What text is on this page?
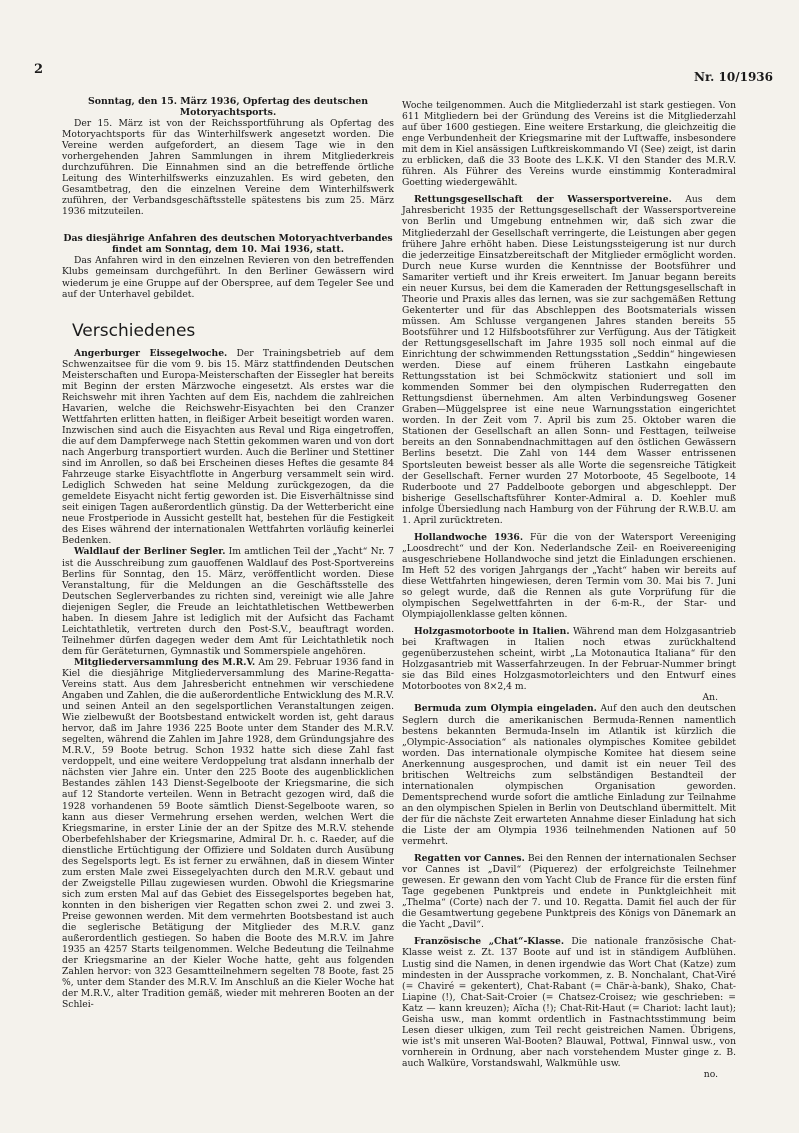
2	Nr. 10/1936

Sonntag, den 15. März 1936, Opfertag des deutschen Motoryachtsports.

Der 15. März ist von der Reichssportführung als Opfertag des Motoryachtsports für das Winterhilfswerk angesetzt worden. Die Vereine werden aufgefordert, an diesem Tage wie in den vorhergehenden Jahren Sammlungen in ihrem Mitgliederkreis durchzuführen. Die Einnahmen sind an die betreffende örtliche Leitung des Winterhilfswerks einzuzahlen. Es wird gebeten, den Gesamtbetrag, den die einzelnen Vereine dem Winterhilfswerk zuführen, der Verbandsgeschäftsstelle spätestens bis zum 25. März 1936 mitzuteilen.

Das diesjährige Anfahren des deutschen Motoryachtverbandes findet am Sonntag, dem 10. Mai 1936, statt.

Das Anfahren wird in den einzelnen Revieren von den betreffenden Klubs gemeinsam durchgeführt. In den Berliner Gewässern wird wiederum je eine Gruppe auf der Oberspree, auf dem Tegeler See und auf der Unterhavel gebildet.

Verschiedenes

Angerburger Eissegelwoche. Der Trainingsbetrieb auf dem Schwenzaitsee für die vom 9. bis 15. März stattfindenden Deutschen Meisterschaften und Europa-Meisterschaften der Eissegler hat bereits mit Beginn der ersten Märzwoche eingesetzt. Als erstes war die Reichswehr mit ihren Yachten auf dem Eis, nachdem die zahlreichen Havarien, welche die Reichswehr-Eisyachten bei den Cranzer Wettfahrten erlitten hatten, in fleißiger Arbeit beseitigt worden waren. Inzwischen sind auch die Eisyachten aus Reval und Riga eingetroffen, die auf dem Dampferwege nach Stettin gekommen waren und von dort nach Angerburg transportiert wurden. Auch die Berliner und Stettiner sind im Anrollen, so daß bei Erscheinen dieses Heftes die gesamte 84 Fahrzeuge starke Eisyachtflotte in Angerburg versammelt sein wird. Lediglich Schweden hat seine Meldung zurückgezogen, da die gemeldete Eisyacht nicht fertig geworden ist. Die Eisverhältnisse sind seit einigen Tagen außerordentlich günstig. Da der Wetterbericht eine neue Frostperiode in Aussicht gestellt hat, bestehen für die Festigkeit des Eises während der internationalen Wettfahrten vorläufig keinerlei Bedenken.

Waldlauf der Berliner Segler. Im amtlichen Teil der „Yacht“ Nr. 7 ist die Ausschreibung zum gauoffenen Waldlauf des Post-Sportvereins Berlins für Sonntag, den 15. März, veröffentlicht worden. Diese Veranstaltung, für die Meldungen an die Geschäftsstelle des Deutschen Seglerverbandes zu richten sind, vereinigt wie alle Jahre diejenigen Segler, die Freude an leichtathletischen Wettbewerben haben. In diesem Jahre ist lediglich mit der Aufsicht das Fachamt Leichtathletik, vertreten durch den Post-S.V., beauftragt worden. Teilnehmer dürfen dagegen weder dem Amt für Leichtathletik noch dem für Geräteturnen, Gymnastik und Sommerspiele angehören.

Mitgliederversammlung des M.R.V. Am 29. Februar 1936 fand in Kiel die diesjährige Mitgliederversammlung des Marine-Regatta-Vereins statt. Aus dem Jahresbericht entnehmen wir verschiedene Angaben und Zahlen, die die außerordentliche Entwicklung des M.R.V. und seinen Anteil an den segelsportlichen Veranstaltungen zeigen. Wie zielbewußt der Bootsbestand entwickelt worden ist, geht daraus hervor, daß im Jahre 1936 225 Boote unter dem Stander des M.R.V. segelten, während die Zahlen im Jahre 1928, dem Gründungsjahre des M.R.V., 59 Boote betrug. Schon 1932 hatte sich diese Zahl fast verdoppelt, und eine weitere Verdoppelung trat alsdann innerhalb der nächsten vier Jahre ein. Unter den 225 Boote des augenblicklichen Bestandes zählen 143 Dienst-Segelboote der Kriegsmarine, die sich auf 12 Standorte verteilen. Wenn in Betracht gezogen wird, daß die 1928 vorhandenen 59 Boote sämtlich Dienst-Segelboote waren, so kann aus dieser Vermehrung ersehen werden, welchen Wert die Kriegsmarine, in erster Linie der an der Spitze des M.R.V. stehende Oberbefehlshaber der Kriegsmarine, Admiral Dr. h. c. Raeder, auf die dienstliche Ertüchtigung der Offiziere und Soldaten durch Ausübung des Segelsports legt. Es ist ferner zu erwähnen, daß in diesem Winter zum ersten Male zwei Eissegelyachten durch den M.R.V. gebaut und der Zweigstelle Pillau zugewiesen wurden. Obwohl die Kriegsmarine sich zum ersten Mal auf das Gebiet des Eissegelsportes begeben hat, konnten in den bisherigen vier Regatten schon zwei 2. und zwei 3. Preise gewonnen werden. Mit dem vermehrten Bootsbestand ist auch die seglerische Betätigung der Mitglieder des M.R.V. ganz außerordentlich gestiegen. So haben die Boote des M.R.V. im Jahre 1935 an 4257 Starts teilgenommen. Welche Bedeutung die Teilnahme der Kriegsmarine an der Kieler Woche hatte, geht aus folgenden Zahlen hervor: von 323 Gesamtteilnehmern segelten 78 Boote, fast 25 %, unter dem Stander des M.R.V. Im Anschluß an die Kieler Woche hat der M.R.V., alter Tradition gemäß, wieder mit mehreren Booten an der Schlei-

Woche teilgenommen. Auch die Mitgliederzahl ist stark gestiegen. Von 611 Mitgliedern bei der Gründung des Vereins ist die Mitgliederzahl auf über 1600 gestiegen. Eine weitere Erstarkung, die gleichzeitig die enge Verbundenheit der Kriegsmarine mit der Luftwaffe, insbesondere mit dem in Kiel ansässigen Luftkreiskommando VI (See) zeigt, ist darin zu erblicken, daß die 33 Boote des L.K.K. VI den Stander des M.R.V. führen. Als Führer des Vereins wurde einstimmig Konteradmiral Goetting wiedergewählt.

Rettungsgesellschaft der Wassersportvereine. Aus dem Jahresbericht 1935 der Rettungsgesellschaft der Wassersportvereine von Berlin und Umgebung entnehmen wir, daß sich zwar die Mitgliederzahl der Gesellschaft verringerte, die Leistungen aber gegen frühere Jahre erhöht haben. Diese Leistungssteigerung ist nur durch die jederzeitige Einsatzbereitschaft der Mitglieder ermöglicht worden. Durch neue Kurse wurden die Kenntnisse der Bootsführer und Samariter vertieft und ihr Kreis erweitert. Im Januar begann bereits ein neuer Kursus, bei dem die Kameraden der Rettungsgesellschaft in Theorie und Praxis alles das lernen, was sie zur sachgemäßen Rettung Gekenterter und für das Abschleppen des Bootsmaterials wissen müssen. Am Schlusse vergangenen Jahres standen bereits 55 Bootsführer und 12 Hilfsbootsführer zur Verfügung. Aus der Tätigkeit der Rettungsgesellschaft im Jahre 1935 soll noch einmal auf die Einrichtung der schwimmenden Rettungsstation „Seddin“ hingewiesen werden. Diese auf einem früheren Lastkahn eingebaute Rettungsstation ist bei Schmöckwitz stationiert und soll im kommenden Sommer bei den olympischen Ruderregatten den Rettungsdienst übernehmen. Am alten Verbindungsweg Gosener Graben—Müggelspree ist eine neue Warnungsstation eingerichtet worden. In der Zeit vom 7. April bis zum 25. Oktober waren die Stationen der Gesellschaft an allen Sonn- und Festtagen, teilweise bereits an den Sonnabendnachmittagen auf den östlichen Gewässern Berlins besetzt. Die Zahl von 144 dem Wasser entrissenen Sportsleuten beweist besser als alle Worte die segensreiche Tätigkeit der Gesellschaft. Ferner wurden 27 Motorboote, 45 Segelboote, 14 Ruderboote und 27 Paddelboote geborgen und abgeschleppt. Der bisherige Gesellschaftsführer Konter-Admiral a. D. Koehler muß infolge Übersiedlung nach Hamburg von der Führung der R.W.B.U. am 1. April zurücktreten.

Hollandwoche 1936. Für die von der Watersport Vereeniging „Loosdrecht“ und der Kon. Nederlandsche Zeil- en Roeivereeniging ausgeschriebene Hollandwoche sind jetzt die Einladungen erschienen. Im Heft 52 des vorigen Jahrgangs der „Yacht“ haben wir bereits auf diese Wettfahrten hingewiesen, deren Termin vom 30. Mai bis 7. Juni so gelegt wurde, daß die Rennen als gute Vorprüfung für die olympischen Segelwettfahrten in der 6-m-R., der Star- und Olympiajollenklasse gelten können.

Holzgasmotorboote in Italien. Während man dem Holzgasantrieb bei Kraftwagen in Italien noch etwas zurückhaltend gegenüberzustehen scheint, wirbt „La Motonautica Italiana“ für den Holzgasantrieb mit Wasserfahrzeugen. In der Februar-Nummer bringt sie das Bild eines Holzgasmotorleichters und den Entwurf eines Motorbootes von 8×2,4 m.

An.

Bermuda zum Olympia eingeladen. Auf den auch den deutschen Seglern durch die amerikanischen Bermuda-Rennen namentlich bestens bekannten Bermuda-Inseln im Atlantik ist kürzlich die „Olympic-Association“ als nationales olympisches Komitee gebildet worden. Das internationale olympische Komitee hat diesem seine Anerkennung ausgesprochen, und damit ist ein neuer Teil des britischen Weltreichs zum selbständigen Bestandteil der internationalen olympischen Organisation geworden. Dementsprechend wurde sofort die amtliche Einladung zur Teilnahme an den olympischen Spielen in Berlin von Deutschland übermittelt. Mit der für die nächste Zeit erwarteten Annahme dieser Einladung hat sich die Liste der am Olympia 1936 teilnehmenden Nationen auf 50 vermehrt.

Regatten vor Cannes. Bei den Rennen der internationalen Sechser vor Cannes ist „Davil“ (Piquerez) der erfolgreichste Teilnehmer gewesen. Er gewann den vom Yacht Club de France für die ersten fünf Tage gegebenen Punktpreis und endete in Punktgleichheit mit „Thelma“ (Corte) nach der 7. und 10. Regatta. Damit fiel auch der für die Gesamtwertung gegebene Punktpreis des Königs von Dänemark an die Yacht „Davil“.

Französische „Chat“-Klasse. Die nationale französische Chat-Klasse weist z. Zt. 137 Boote auf und ist in ständigem Aufblühen. Lustig sind die Namen, in denen irgendwie das Wort Chat (Katze) zum mindesten in der Aussprache vorkommen, z. B. Nonchalant, Chat-Viré (= Chaviré = gekentert), Chat-Rabant (= Chär-à-bank), Shako, Chat-Liapine (!), Chat-Sait-Croier (= Chatsez-Croisez; wie geschrieben: = Katz — kann kreuzen); Aïcha (!); Chat-Rit-Haut (= Chariot: lacht laut); Geisha usw., man kommt ordentlich in Fastnachtsstimmung beim Lesen dieser ulkigen, zum Teil recht geistreichen Namen. Übrigens, wie ist's mit unseren Wal-Booten? Blauwal, Pottwal, Finnwal usw., von vornherein in Ordnung, aber nach vorstehendem Muster ginge z. B. auch Walküre, Vorstandswahl, Walkmühle usw.

no.
